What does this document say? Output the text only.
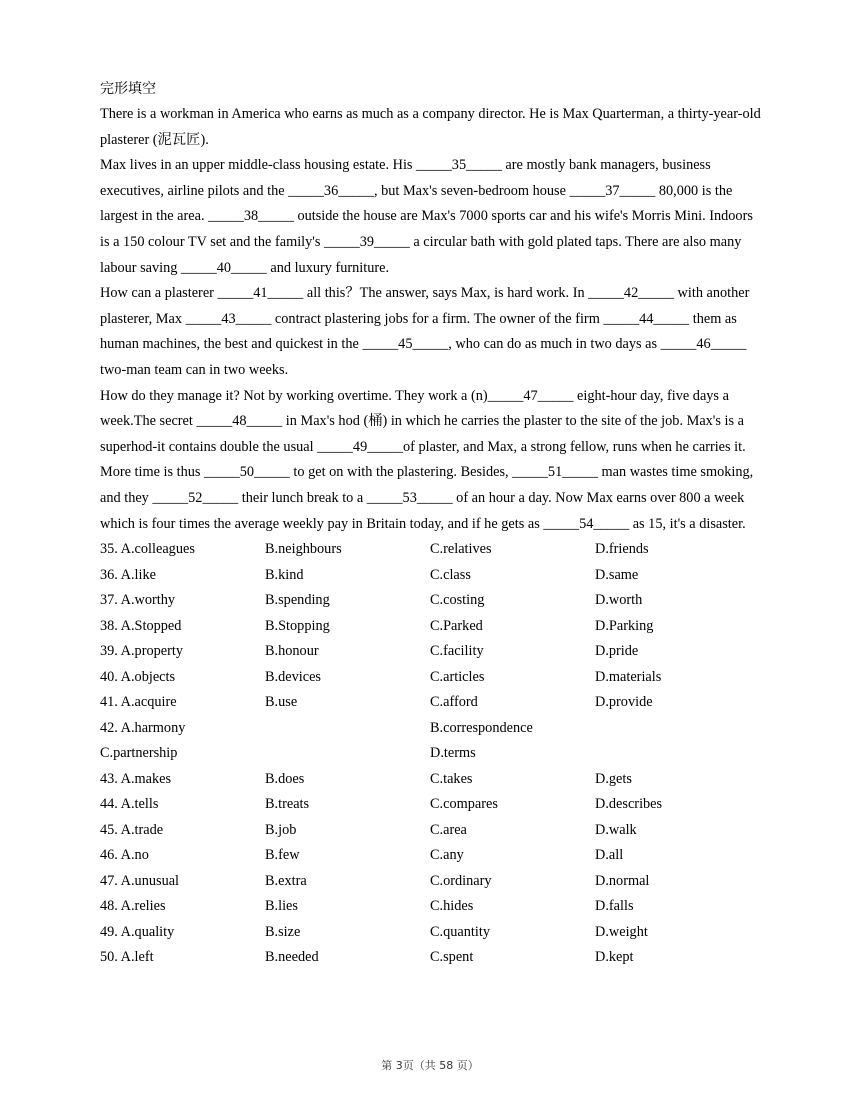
完形填空

There is a workman in America who earns as much as a company director. He is Max Quarterman, a thirty-year-old plasterer (泥瓦匠).

Max lives in an upper middle-class housing estate. His _____35_____ are mostly bank managers, business executives, airline pilots and the _____36_____, but Max's seven-bedroom house _____37_____ 80,000 is the largest in the area. _____38_____ outside the house are Max's 7000 sports car and his wife's Morris Mini. Indoors is a 150 colour TV set and the family's _____39_____ a circular bath with gold plated taps. There are also many labour saving _____40_____ and luxury furniture.

How can a plasterer _____41_____ all this？The answer, says Max, is hard work. In _____42_____ with another plasterer, Max _____43_____ contract plastering jobs for a firm. The owner of the firm _____44_____ them as human machines, the best and quickest in the _____45_____, who can do as much in two days as _____46_____ two-man team can in two weeks.

How do they manage it? Not by working overtime. They work a (n)_____47_____ eight-hour day, five days a week.The secret _____48_____ in Max's hod (桶) in which he carries the plaster to the site of the job. Max's is a superhod-it contains double the usual _____49_____of plaster, and Max, a strong fellow, runs when he carries it. More time is thus _____50_____ to get on with the plastering. Besides, _____51_____ man wastes time smoking, and they _____52_____ their lunch break to a _____53_____ of an hour a day. Now Max earns over 800 a week which is four times the average weekly pay in Britain today, and if he gets as _____54_____ as 15, it's a disaster.

35. A.colleagues	B.neighbours	C.relatives	D.friends
36. A.like	B.kind	C.class	D.same
37. A.worthy	B.spending	C.costing	D.worth
38. A.Stopped	B.Stopping	C.Parked	D.Parking
39. A.property	B.honour	C.facility	D.pride
40. A.objects	B.devices	C.articles	D.materials
41. A.acquire	B.use	C.afford	D.provide
42. A.harmony	B.correspondence
C.partnership	D.terms
43. A.makes	B.does	C.takes	D.gets
44. A.tells	B.treats	C.compares	D.describes
45. A.trade	B.job	C.area	D.walk
46. A.no	B.few	C.any	D.all
47. A.unusual	B.extra	C.ordinary	D.normal
48. A.relies	B.lies	C.hides	D.falls
49. A.quality	B.size	C.quantity	D.weight
50. A.left	B.needed	C.spent	D.kept
第 3页（共 58 页）
